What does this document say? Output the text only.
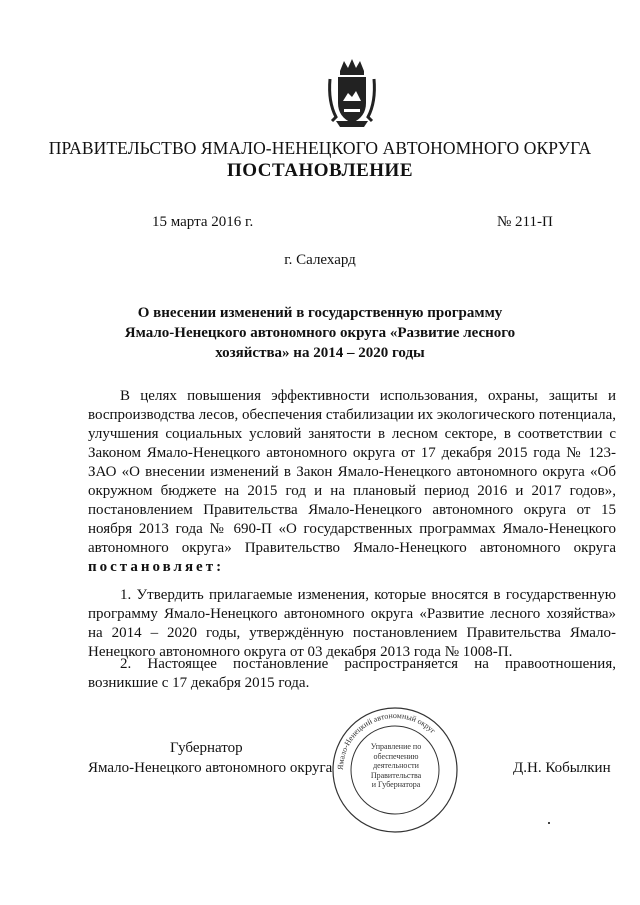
ПРАВИТЕЛЬСТВО ЯМАЛО-НЕНЕЦКОГО АВТОНОМНОГО ОКРУГА
ПОСТАНОВЛЕНИЕ
15 марта 2016 г.	№ 211-П
г. Салехард
О внесении изменений в государственную программу
Ямало-Ненецкого автономного округа «Развитие лесного
хозяйства» на 2014 – 2020 годы
В целях повышения эффективности использования, охраны, защиты и воспроизводства лесов, обеспечения стабилизации их экологического потенциала, улучшения социальных условий занятости в лесном секторе, в соответствии с Законом Ямало-Ненецкого автономного округа от 17 декабря 2015 года № 123-ЗАО «О внесении изменений в Закон Ямало-Ненецкого автономного округа «Об окружном бюджете на 2015 год и на плановый период 2016 и 2017 годов», постановлением Правительства Ямало-Ненецкого автономного округа от 15 ноября 2013 года № 690-П «О государственных программах Ямало-Ненецкого автономного округа» Правительство Ямало-Ненецкого автономного округа постановляет:
1. Утвердить прилагаемые изменения, которые вносятся в государственную программу Ямало-Ненецкого автономного округа «Развитие лесного хозяйства» на 2014 – 2020 годы, утверждённую постановлением Правительства Ямало-Ненецкого автономного округа от 03 декабря 2013 года № 1008-П.
2. Настоящее постановление распространяется на правоотношения, возникшие с 17 декабря 2015 года.
Губернатор
Ямало-Ненецкого автономного округа	Д.Н. Кобылкин
Ямало-Ненецкий автономный округ
Управление по
обеспечению
деятельности
Правительства
и Губернатора
